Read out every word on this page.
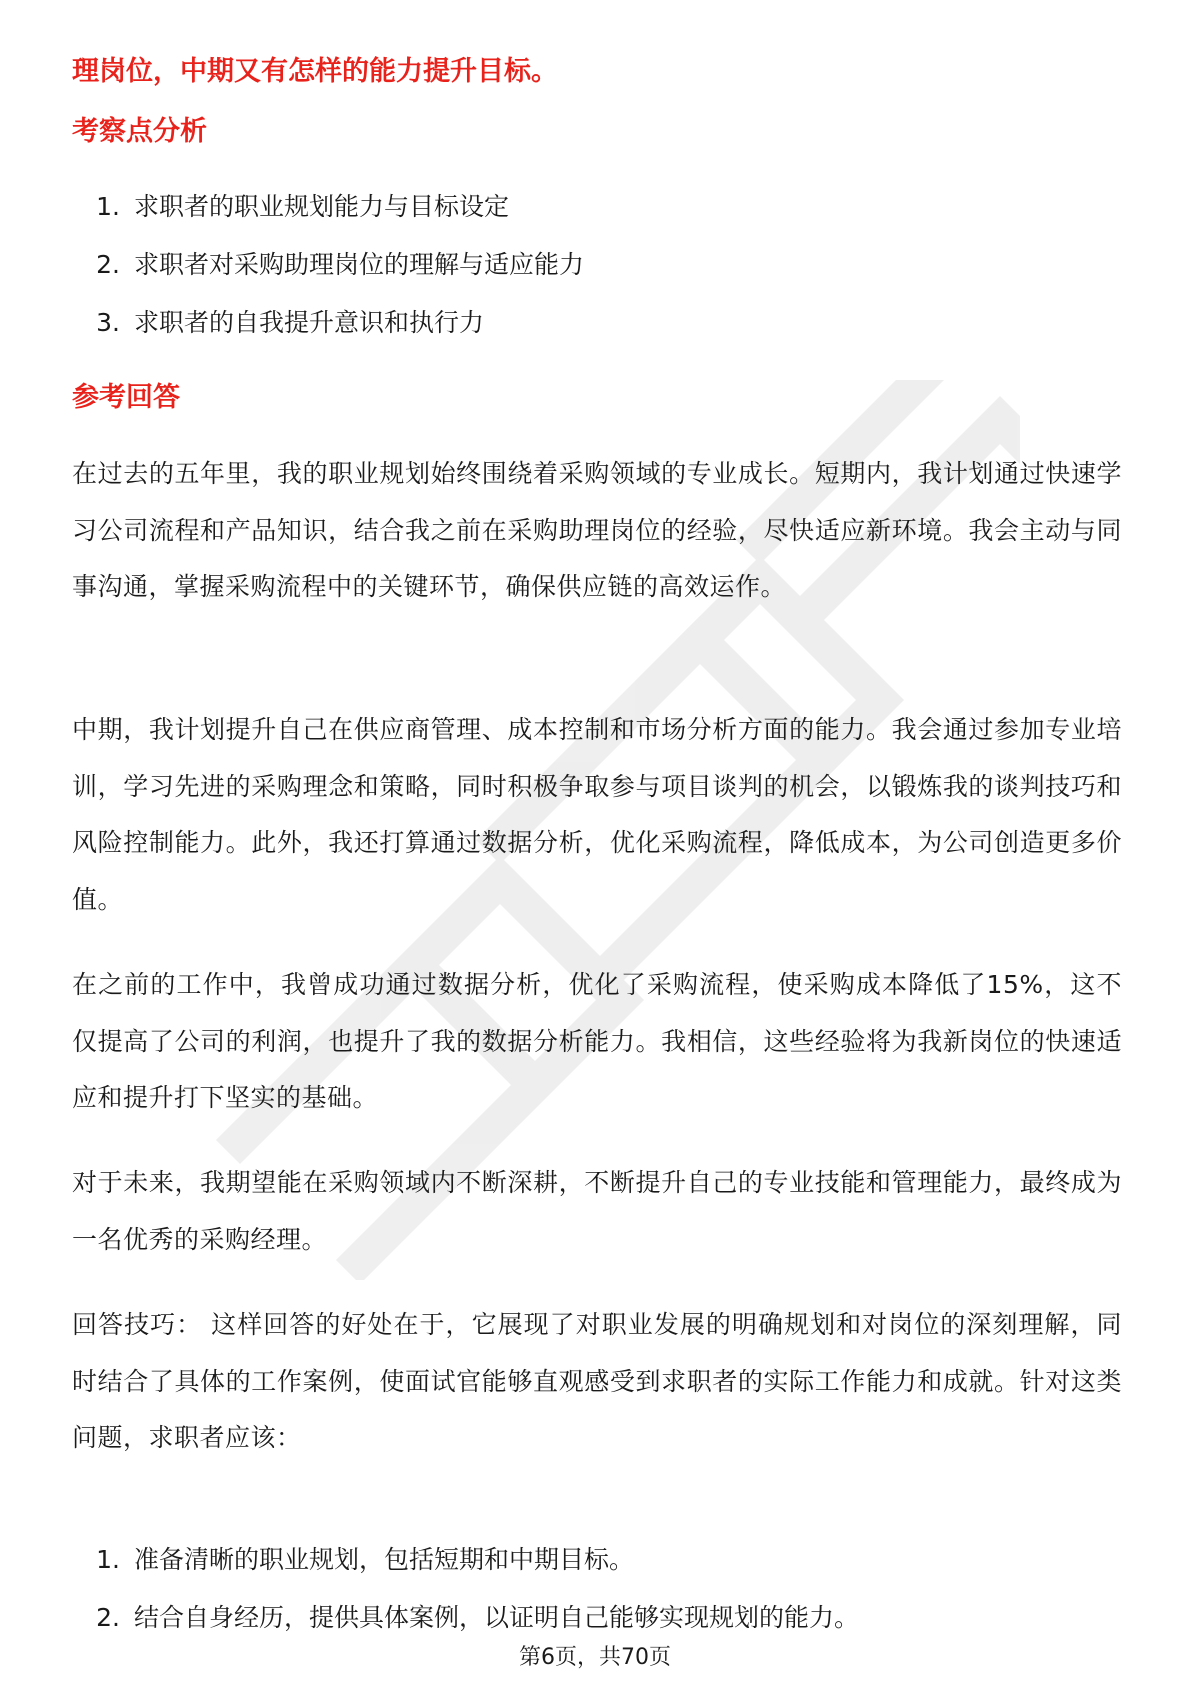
理岗位，中期又有怎样的能力提升目标。
考察点分析
1. 求职者的职业规划能力与目标设定
2. 求职者对采购助理岗位的理解与适应能力
3. 求职者的自我提升意识和执行力
参考回答

在过去的五年里，我的职业规划始终围绕着采购领域的专业成长。短期内，我计划通过快速学习公司流程和产品知识，结合我之前在采购助理岗位的经验，尽快适应新环境。我会主动与同事沟通，掌握采购流程中的关键环节，确保供应链的高效运作。

中期，我计划提升自己在供应商管理、成本控制和市场分析方面的能力。我会通过参加专业培训，学习先进的采购理念和策略，同时积极争取参与项目谈判的机会，以锻炼我的谈判技巧和风险控制能力。此外，我还打算通过数据分析，优化采购流程，降低成本，为公司创造更多价值。

在之前的工作中，我曾成功通过数据分析，优化了采购流程，使采购成本降低了15%，这不仅提高了公司的利润，也提升了我的数据分析能力。我相信，这些经验将为我新岗位的快速适应和提升打下坚实的基础。

对于未来，我期望能在采购领域内不断深耕，不断提升自己的专业技能和管理能力，最终成为一名优秀的采购经理。

回答技巧： 这样回答的好处在于，它展现了对职业发展的明确规划和对岗位的深刻理解，同时结合了具体的工作案例，使面试官能够直观感受到求职者的实际工作能力和成就。针对这类问题，求职者应该：

1. 准备清晰的职业规划，包括短期和中期目标。
2. 结合自身经历，提供具体案例，以证明自己能够实现规划的能力。
第6页，共70页
